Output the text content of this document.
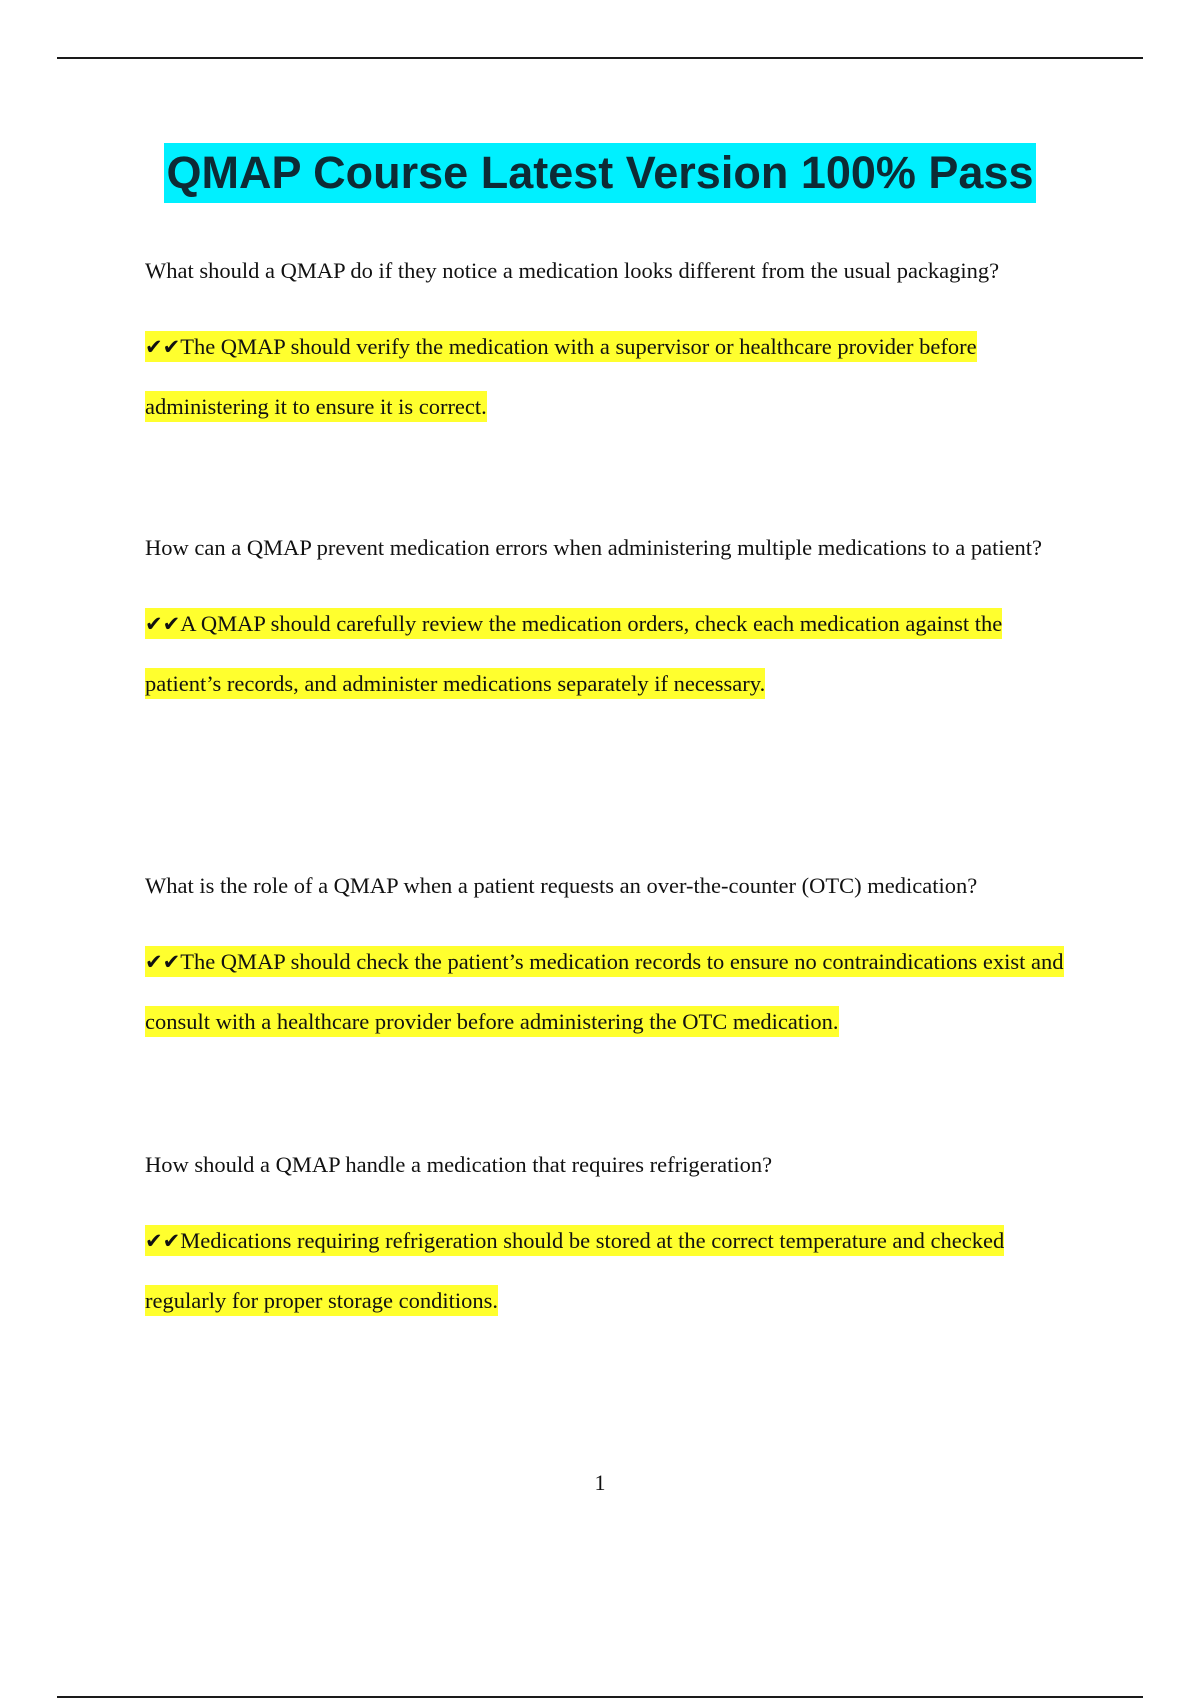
QMAP Course Latest Version 100% Pass

What should a QMAP do if they notice a medication looks different from the usual packaging?

✔✔The QMAP should verify the medication with a supervisor or healthcare provider before administering it to ensure it is correct.

How can a QMAP prevent medication errors when administering multiple medications to a patient?

✔✔A QMAP should carefully review the medication orders, check each medication against the patient’s records, and administer medications separately if necessary.

What is the role of a QMAP when a patient requests an over-the-counter (OTC) medication?

✔✔The QMAP should check the patient’s medication records to ensure no contraindications exist and consult with a healthcare provider before administering the OTC medication.

How should a QMAP handle a medication that requires refrigeration?

✔✔Medications requiring refrigeration should be stored at the correct temperature and checked regularly for proper storage conditions.

1
